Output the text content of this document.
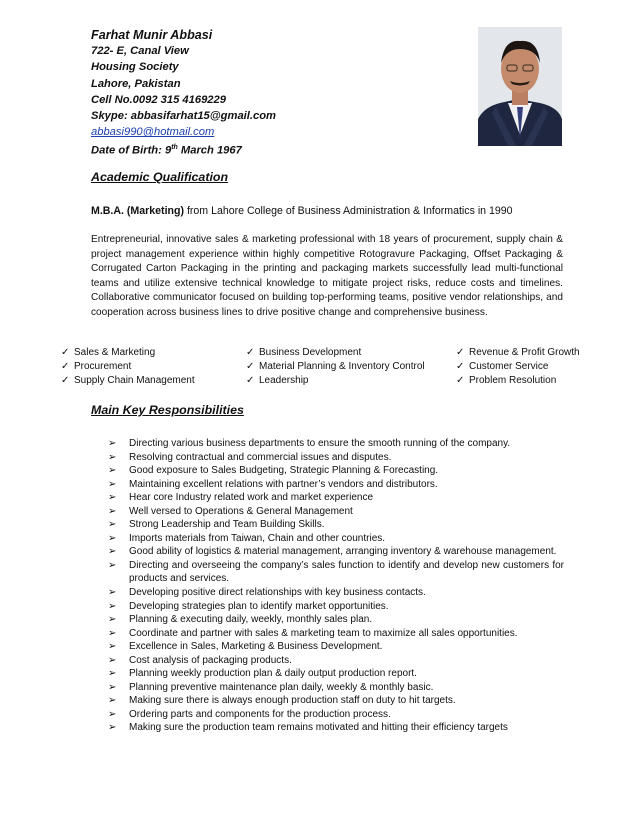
Farhat Munir Abbasi
722- E, Canal View
Housing Society
Lahore, Pakistan
Cell No.0092 315 4169229
Skype: abbasifarhat15@gmail.com
abbasi990@hotmail.com
Date of Birth: 9th March 1967
Academic Qualification
M.B.A. (Marketing) from Lahore College of Business Administration & Informatics in 1990
Entrepreneurial, innovative sales & marketing professional with 18 years of procurement, supply chain & project management experience within highly competitive Rotogravure Packaging, Offset Packaging & Corrugated Carton Packaging in the printing and packaging markets successfully lead multi-functional teams and utilize extensive technical knowledge to mitigate project risks, reduce costs and timelines. Collaborative communicator focused on building top-performing teams, positive vendor relationships, and cooperation across business lines to drive positive change and comprehensive business.
✓ Sales & Marketing
✓ Procurement
✓ Supply Chain Management
✓ Business Development
✓ Material Planning & Inventory Control
✓ Leadership
✓ Revenue & Profit Growth
✓ Customer Service
✓ Problem Resolution
Main Key Responsibilities
➢ Directing various business departments to ensure the smooth running of the company.
➢ Resolving contractual and commercial issues and disputes.
➢ Good exposure to Sales Budgeting, Strategic Planning & Forecasting.
➢ Maintaining excellent relations with partner’s vendors and distributors.
➢ Hear core Industry related work and market experience
➢ Well versed to Operations & General Management
➢ Strong Leadership and Team Building Skills.
➢ Imports materials from Taiwan, Chain and other countries.
➢ Good ability of logistics & material management, arranging inventory & warehouse management.
➢ Directing and overseeing the company’s sales function to identify and develop new customers for products and services.
➢ Developing positive direct relationships with key business contacts.
➢ Developing strategies plan to identify market opportunities.
➢ Planning & executing daily, weekly, monthly sales plan.
➢ Coordinate and partner with sales & marketing team to maximize all sales opportunities.
➢ Excellence in Sales, Marketing & Business Development.
➢ Cost analysis of packaging products.
➢ Planning weekly production plan & daily output production report.
➢ Planning preventive maintenance plan daily, weekly & monthly basic.
➢ Making sure there is always enough production staff on duty to hit targets.
➢ Ordering parts and components for the production process.
➢ Making sure the production team remains motivated and hitting their efficiency targets
